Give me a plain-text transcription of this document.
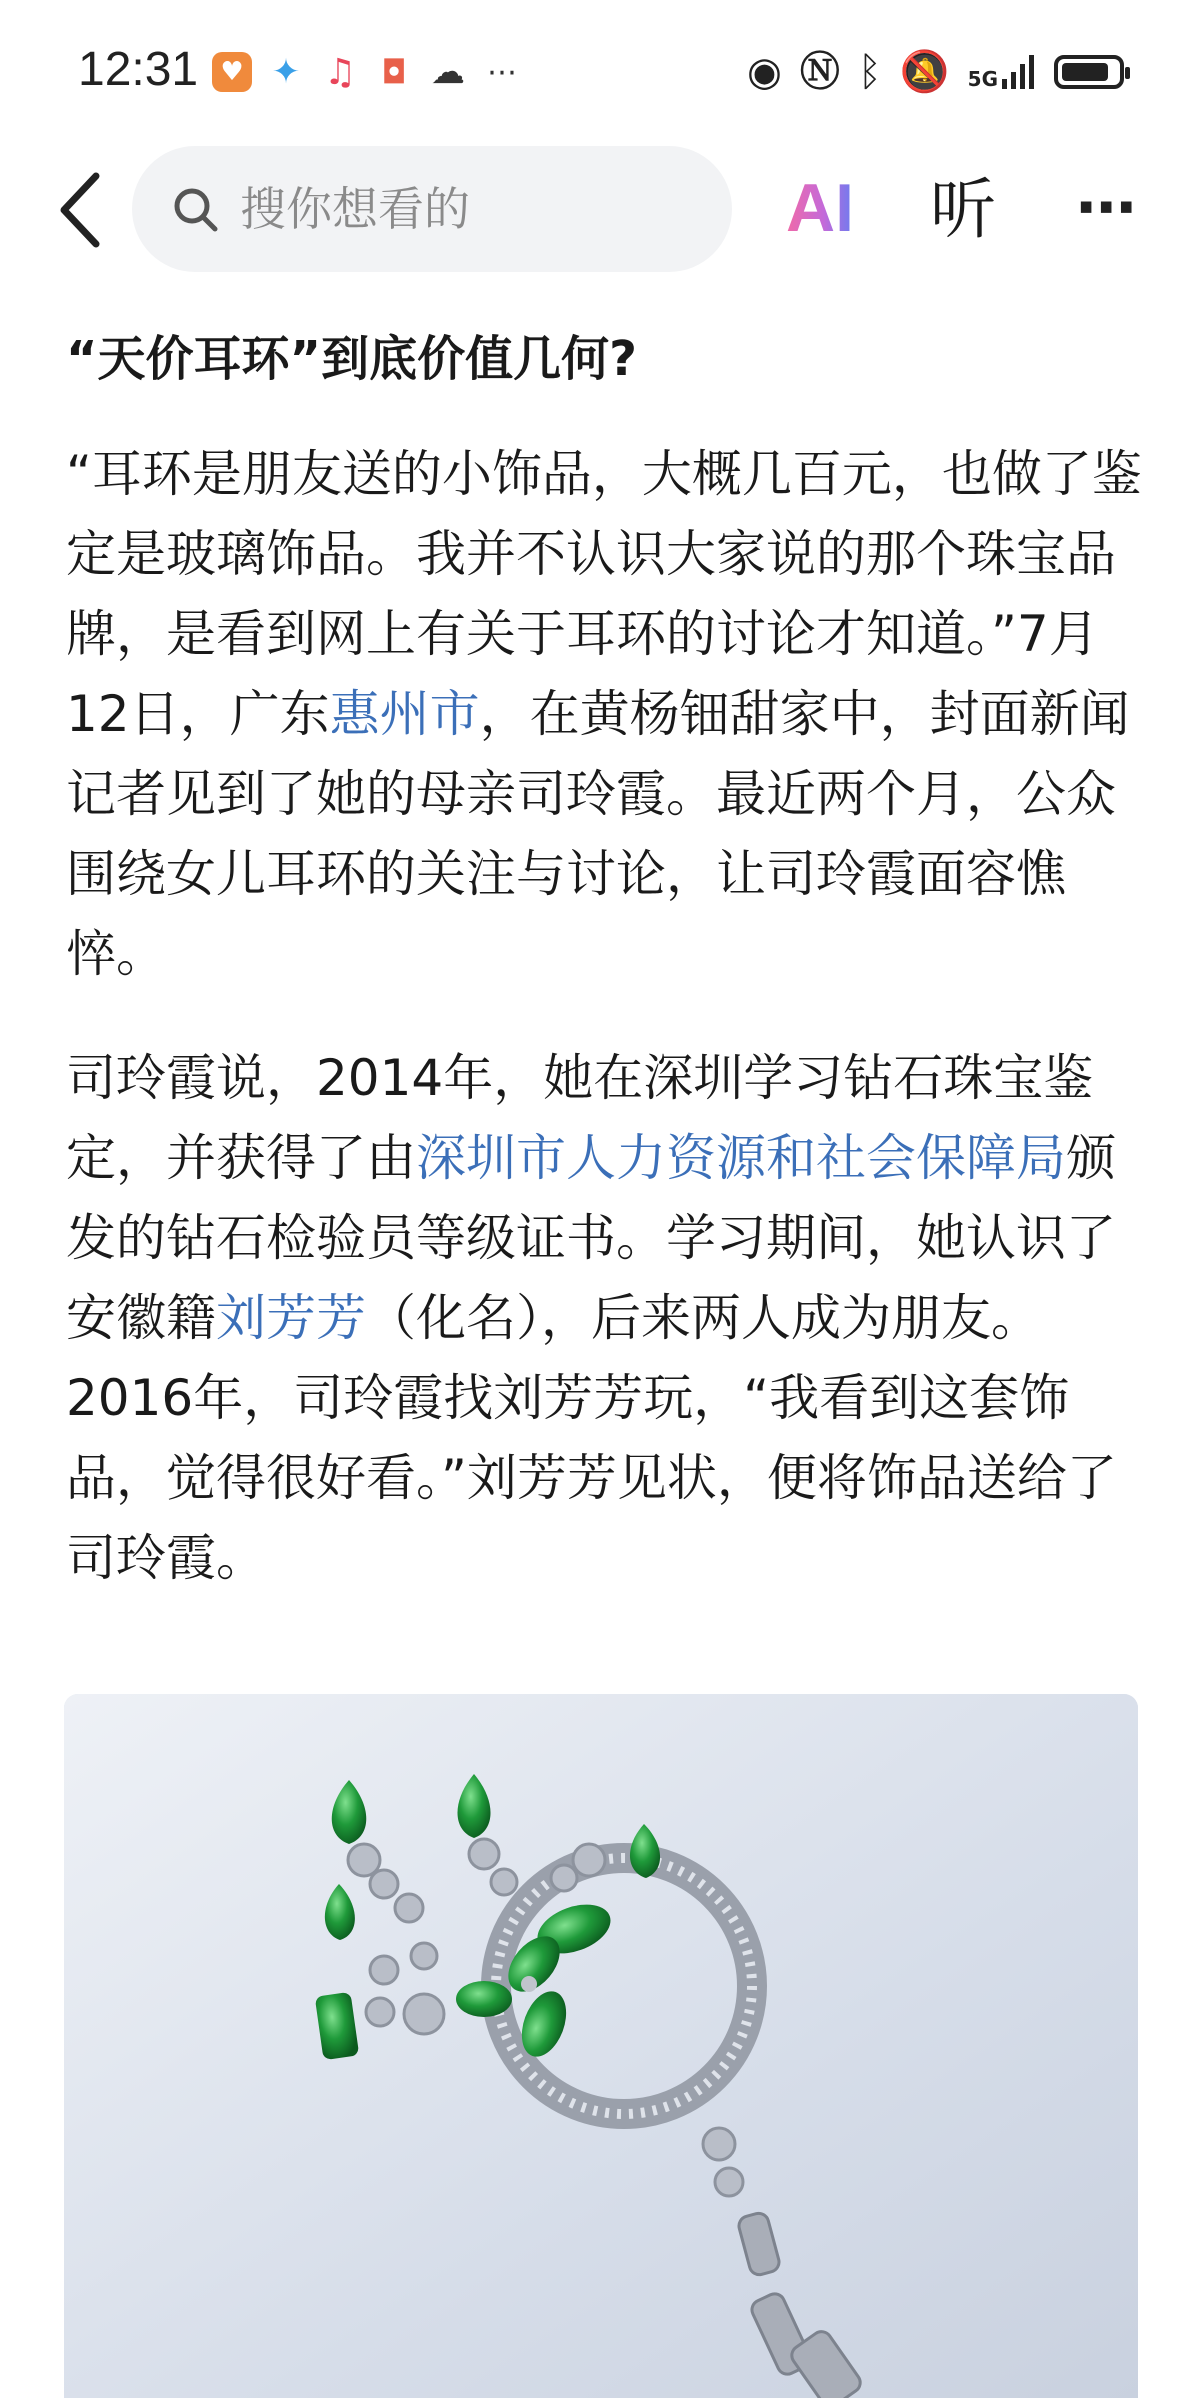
12:31 ♥ ✦ ♫ ◘ ☁ ⋯	◉ Ⓝ ᛒ 🔕 5G
搜你想看的	AI 听 ⋯
“天价耳环”到底价值几何?

“耳环是朋友送的小饰品，大概几百元，也做了鉴定是玻璃饰品。我并不认识大家说的那个珠宝品牌，是看到网上有关于耳环的讨论才知道。”7月12日，广东惠州市，在黄杨钿甜家中，封面新闻记者见到了她的母亲司玲霞。最近两个月，公众围绕女儿耳环的关注与讨论，让司玲霞面容憔悴。

司玲霞说，2014年，她在深圳学习钻石珠宝鉴定，并获得了由深圳市人力资源和社会保障局颁发的钻石检验员等级证书。学习期间，她认识了安徽籍刘芳芳（化名），后来两人成为朋友。2016年，司玲霞找刘芳芳玩，“我看到这套饰品，觉得很好看。”刘芳芳见状，便将饰品送给了司玲霞。
